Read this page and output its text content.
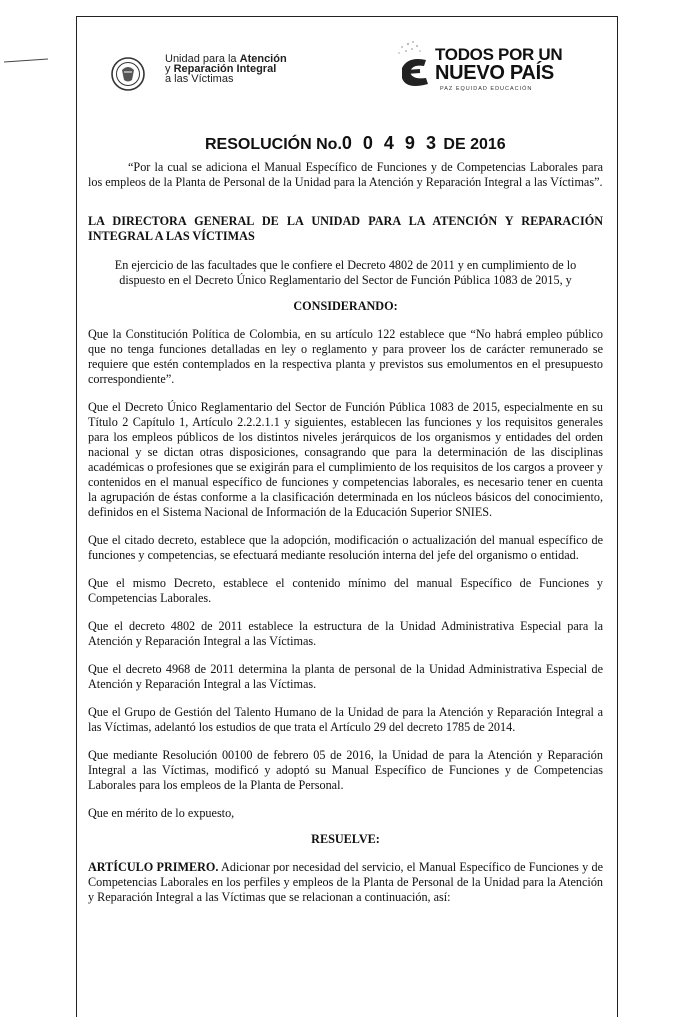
Unidad para la Atención
y Reparación Integral
a las Víctimas
TODOS POR UN
NUEVO PAÍS
PAZ EQUIDAD EDUCACIÓN
RESOLUCIÓN No.0 0 4 9 3 DE 2016

“Por la cual se adiciona el Manual Específico de Funciones y de Competencias Laborales para los empleos de la Planta de Personal de la Unidad para la Atención y Reparación Integral a las Víctimas”.

LA DIRECTORA GENERAL DE LA UNIDAD PARA LA ATENCIÓN Y REPARACIÓN INTEGRAL A LAS VÍCTIMAS

En ejercicio de las facultades que le confiere el Decreto 4802 de 2011 y en cumplimiento de lo dispuesto en el Decreto Único Reglamentario del Sector de Función Pública 1083 de 2015, y

CONSIDERANDO:

Que la Constitución Política de Colombia, en su artículo 122 establece que “No habrá empleo público que no tenga funciones detalladas en ley o reglamento y para proveer los de carácter remunerado se requiere que estén contemplados en la respectiva planta y previstos sus emolumentos en el presupuesto correspondiente”.

Que el Decreto Único Reglamentario del Sector de Función Pública 1083 de 2015, especialmente en su Título 2 Capítulo 1, Artículo 2.2.2.1.1 y siguientes, establecen las funciones y los requisitos generales para los empleos públicos de los distintos niveles jerárquicos de los organismos y entidades del orden nacional y se dictan otras disposiciones, consagrando que para la determinación de las disciplinas académicas o profesiones que se exigirán para el cumplimiento de los requisitos de los cargos a proveer y contenidos en el manual específico de funciones y competencias laborales, es necesario tener en cuenta la agrupación de éstas conforme a la clasificación determinada en los núcleos básicos del conocimiento, definidos en el Sistema Nacional de Información de la Educación Superior SNIES.

Que el citado decreto, establece que la adopción, modificación o actualización del manual específico de funciones y competencias, se efectuará mediante resolución interna del jefe del organismo o entidad.

Que el mismo Decreto, establece el contenido mínimo del manual Específico de Funciones y Competencias Laborales.

Que el decreto 4802 de 2011 establece la estructura de la Unidad Administrativa Especial para la Atención y Reparación Integral a las Víctimas.

Que el decreto 4968 de 2011 determina la planta de personal de la Unidad Administrativa Especial de Atención y Reparación Integral a las Víctimas.

Que el Grupo de Gestión del Talento Humano de la Unidad de para la Atención y Reparación Integral a las Víctimas, adelantó los estudios de que trata el Artículo 29 del decreto 1785 de 2014.

Que mediante Resolución 00100 de febrero 05 de 2016, la Unidad de para la Atención y Reparación Integral a las Víctimas, modificó y adoptó su Manual Específico de Funciones y de Competencias Laborales para los empleos de la Planta de Personal.

Que en mérito de lo expuesto,

RESUELVE:

ARTÍCULO PRIMERO. Adicionar por necesidad del servicio, el Manual Específico de Funciones y de Competencias Laborales en los perfiles y empleos de la Planta de Personal de la Unidad para la Atención y Reparación Integral a las Víctimas que se relacionan a continuación, así:
